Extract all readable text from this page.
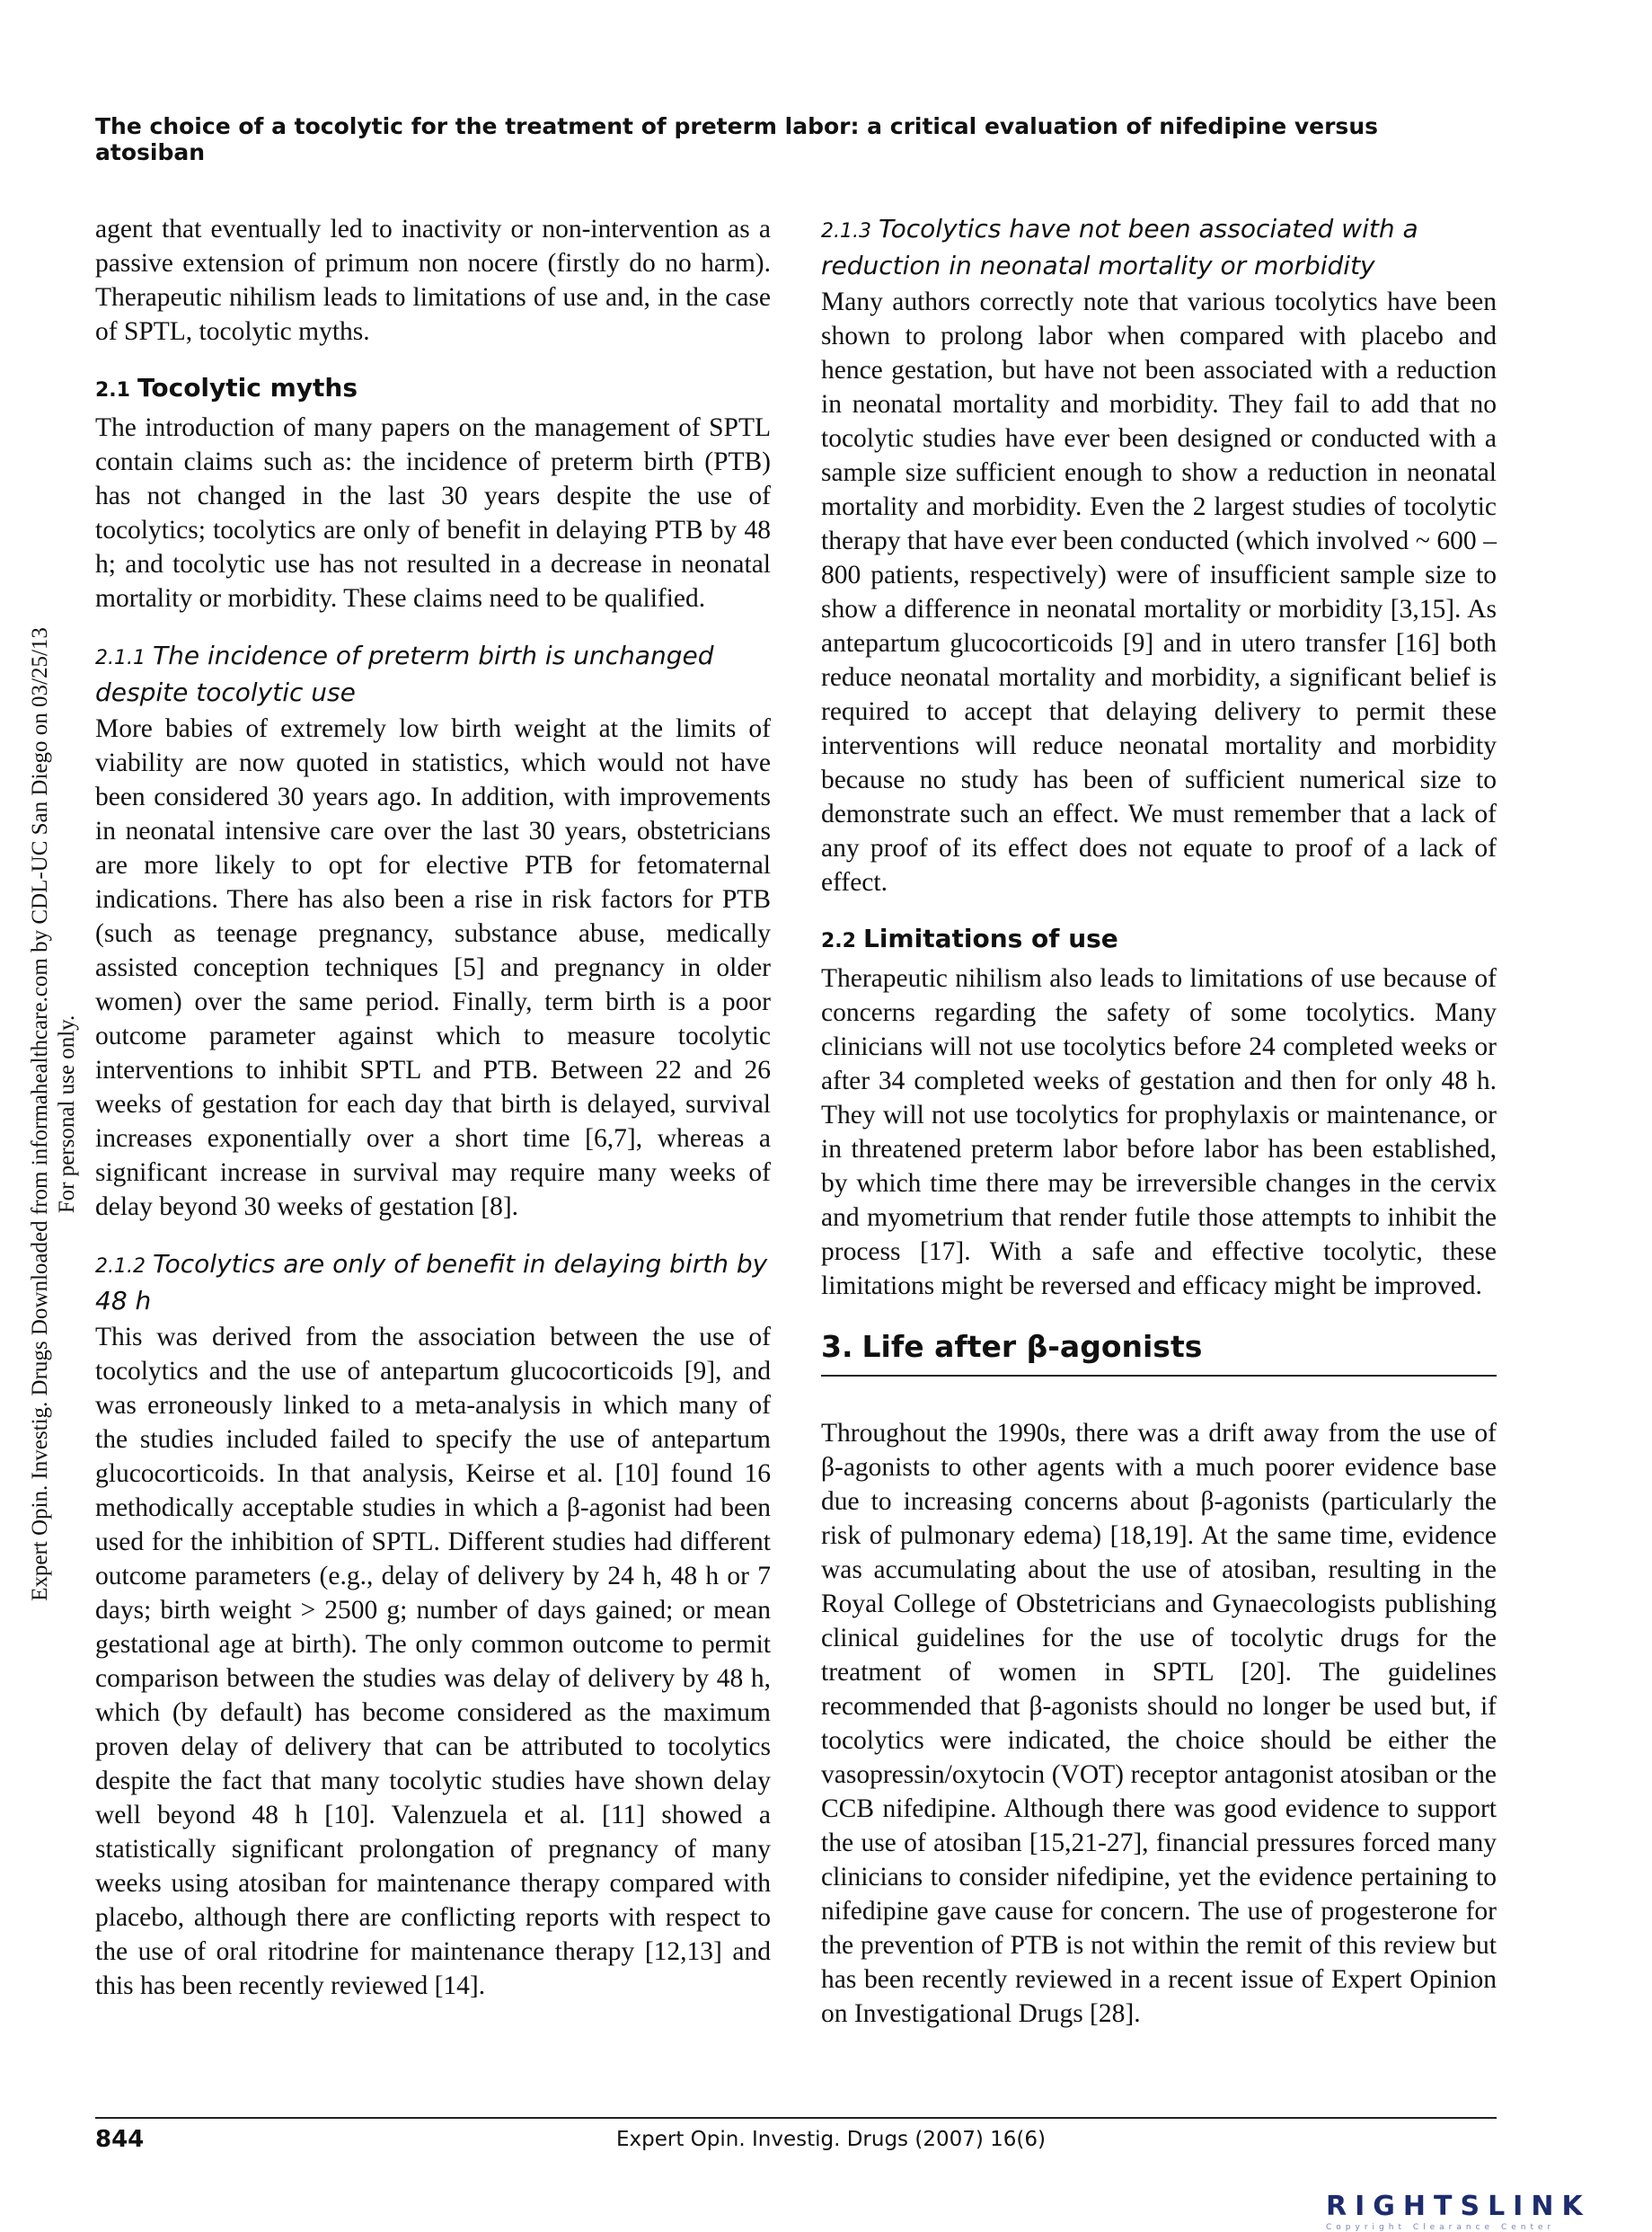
Expert Opin. Investig. Drugs Downloaded from informahealthcare.com by CDL-UC San Diego on 03/25/13 For personal use only.
The choice of a tocolytic for the treatment of preterm labor: a critical evaluation of nifedipine versus atosiban

agent that eventually led to inactivity or non-intervention as a passive extension of primum non nocere (firstly do no harm). Therapeutic nihilism leads to limitations of use and, in the case of SPTL, tocolytic myths.

2.1 Tocolytic myths

The introduction of many papers on the management of SPTL contain claims such as: the incidence of preterm birth (PTB) has not changed in the last 30 years despite the use of tocolytics; tocolytics are only of benefit in delaying PTB by 48 h; and tocolytic use has not resulted in a decrease in neonatal mortality or morbidity. These claims need to be qualified.

2.1.1 The incidence of preterm birth is unchanged despite tocolytic use

More babies of extremely low birth weight at the limits of viability are now quoted in statistics, which would not have been considered 30 years ago. In addition, with improvements in neonatal intensive care over the last 30 years, obstetricians are more likely to opt for elective PTB for fetomaternal indications. There has also been a rise in risk factors for PTB (such as teenage pregnancy, substance abuse, medically assisted conception techniques [5] and pregnancy in older women) over the same period. Finally, term birth is a poor outcome parameter against which to measure tocolytic interventions to inhibit SPTL and PTB. Between 22 and 26 weeks of gestation for each day that birth is delayed, survival increases exponentially over a short time [6,7], whereas a significant increase in survival may require many weeks of delay beyond 30 weeks of gestation [8].

2.1.2 Tocolytics are only of benefit in delaying birth by 48 h

This was derived from the association between the use of tocolytics and the use of antepartum glucocorticoids [9], and was erroneously linked to a meta-analysis in which many of the studies included failed to specify the use of antepartum glucocorticoids. In that analysis, Keirse et al. [10] found 16 methodically acceptable studies in which a β-agonist had been used for the inhibition of SPTL. Different studies had different outcome parameters (e.g., delay of delivery by 24 h, 48 h or 7 days; birth weight > 2500 g; number of days gained; or mean gestational age at birth). The only common outcome to permit comparison between the studies was delay of delivery by 48 h, which (by default) has become considered as the maximum proven delay of delivery that can be attributed to tocolytics despite the fact that many tocolytic studies have shown delay well beyond 48 h [10]. Valenzuela et al. [11] showed a statistically significant prolongation of pregnancy of many weeks using atosiban for maintenance therapy compared with placebo, although there are conflicting reports with respect to the use of oral ritodrine for maintenance therapy [12,13] and this has been recently reviewed [14].

2.1.3 Tocolytics have not been associated with a reduction in neonatal mortality or morbidity

Many authors correctly note that various tocolytics have been shown to prolong labor when compared with placebo and hence gestation, but have not been associated with a reduction in neonatal mortality and morbidity. They fail to add that no tocolytic studies have ever been designed or conducted with a sample size sufficient enough to show a reduction in neonatal mortality and morbidity. Even the 2 largest studies of tocolytic therapy that have ever been conducted (which involved ~ 600 – 800 patients, respectively) were of insufficient sample size to show a difference in neonatal mortality or morbidity [3,15]. As antepartum glucocorticoids [9] and in utero transfer [16] both reduce neonatal mortality and morbidity, a significant belief is required to accept that delaying delivery to permit these interventions will reduce neonatal mortality and morbidity because no study has been of sufficient numerical size to demonstrate such an effect. We must remember that a lack of any proof of its effect does not equate to proof of a lack of effect.

2.2 Limitations of use

Therapeutic nihilism also leads to limitations of use because of concerns regarding the safety of some tocolytics. Many clinicians will not use tocolytics before 24 completed weeks or after 34 completed weeks of gestation and then for only 48 h. They will not use tocolytics for prophylaxis or maintenance, or in threatened preterm labor before labor has been established, by which time there may be irreversible changes in the cervix and myometrium that render futile those attempts to inhibit the process [17]. With a safe and effective tocolytic, these limitations might be reversed and efficacy might be improved.

3. Life after β-agonists

Throughout the 1990s, there was a drift away from the use of β-agonists to other agents with a much poorer evidence base due to increasing concerns about β-agonists (particularly the risk of pulmonary edema) [18,19]. At the same time, evidence was accumulating about the use of atosiban, resulting in the Royal College of Obstetricians and Gynaecologists publishing clinical guidelines for the use of tocolytic drugs for the treatment of women in SPTL [20]. The guidelines recommended that β-agonists should no longer be used but, if tocolytics were indicated, the choice should be either the vasopressin/oxytocin (VOT) receptor antagonist atosiban or the CCB nifedipine. Although there was good evidence to support the use of atosiban [15,21-27], financial pressures forced many clinicians to consider nifedipine, yet the evidence pertaining to nifedipine gave cause for concern. The use of progesterone for the prevention of PTB is not within the remit of this review but has been recently reviewed in a recent issue of Expert Opinion on Investigational Drugs [28].

844	Expert Opin. Investig. Drugs (2007) 16(6)
RIGHTSLINK
Copyright Clearance Center
